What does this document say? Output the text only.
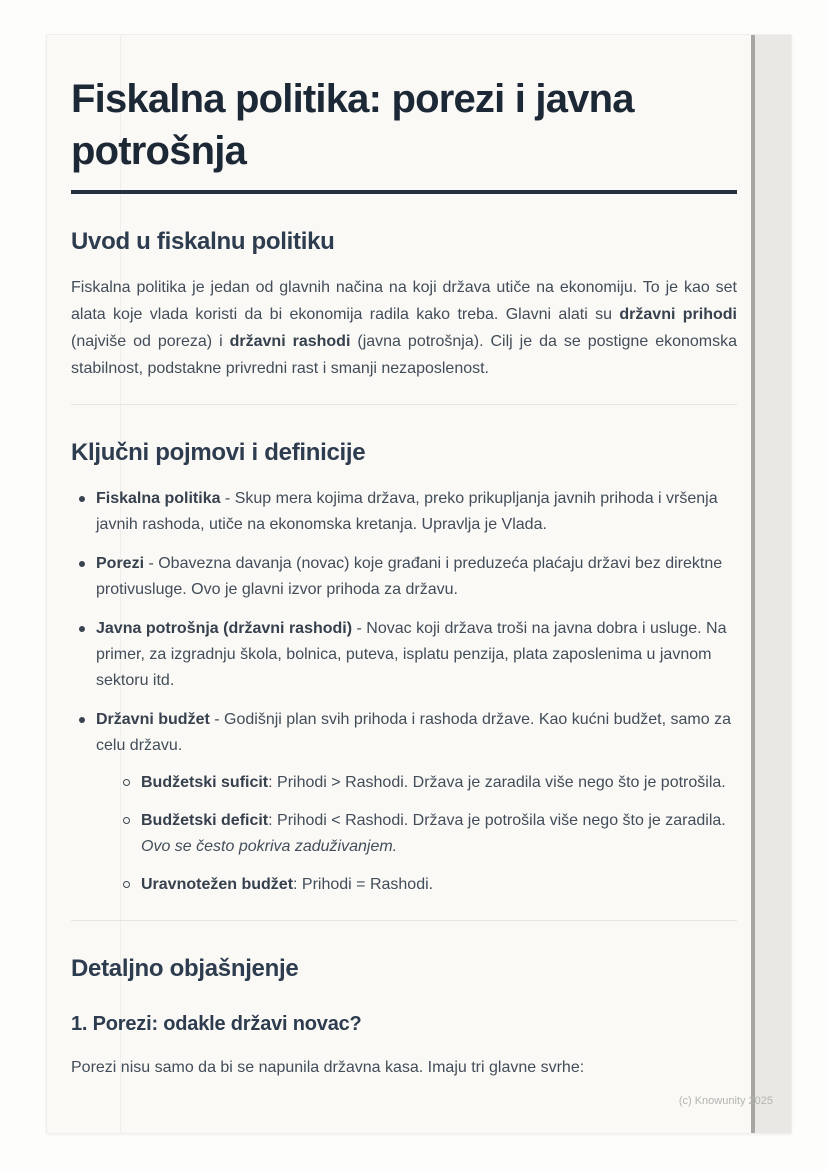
Fiskalna politika: porezi i javna potrošnja
Uvod u fiskalnu politiku

Fiskalna politika je jedan od glavnih načina na koji država utiče na ekonomiju. To je kao set alata koje vlada koristi da bi ekonomija radila kako treba. Glavni alati su državni prihodi (najviše od poreza) i državni rashodi (javna potrošnja). Cilj je da se postigne ekonomska stabilnost, podstakne privredni rast i smanji nezaposlenost.

Ključni pojmovi i definicije
Fiskalna politika - Skup mera kojima država, preko prikupljanja javnih prihoda i vršenja javnih rashoda, utiče na ekonomska kretanja. Upravlja je Vlada.
Porezi - Obavezna davanja (novac) koje građani i preduzeća plaćaju državi bez direktne protivusluge. Ovo je glavni izvor prihoda za državu.
Javna potrošnja (državni rashodi) - Novac koji država troši na javna dobra i usluge. Na primer, za izgradnju škola, bolnica, puteva, isplatu penzija, plata zaposlenima u javnom sektoru itd.
Državni budžet - Godišnji plan svih prihoda i rashoda države. Kao kućni budžet, samo za celu državu.
Budžetski suficit: Prihodi > Rashodi. Država je zaradila više nego što je potrošila.
Budžetski deficit: Prihodi < Rashodi. Država je potrošila više nego što je zaradila. Ovo se često pokriva zaduživanjem.
Uravnotežen budžet: Prihodi = Rashodi.
Detaljno objašnjenje
1. Porezi: odakle državi novac?

Porezi nisu samo da bi se napunila državna kasa. Imaju tri glavne svrhe:

(c) Knowunity 2025
